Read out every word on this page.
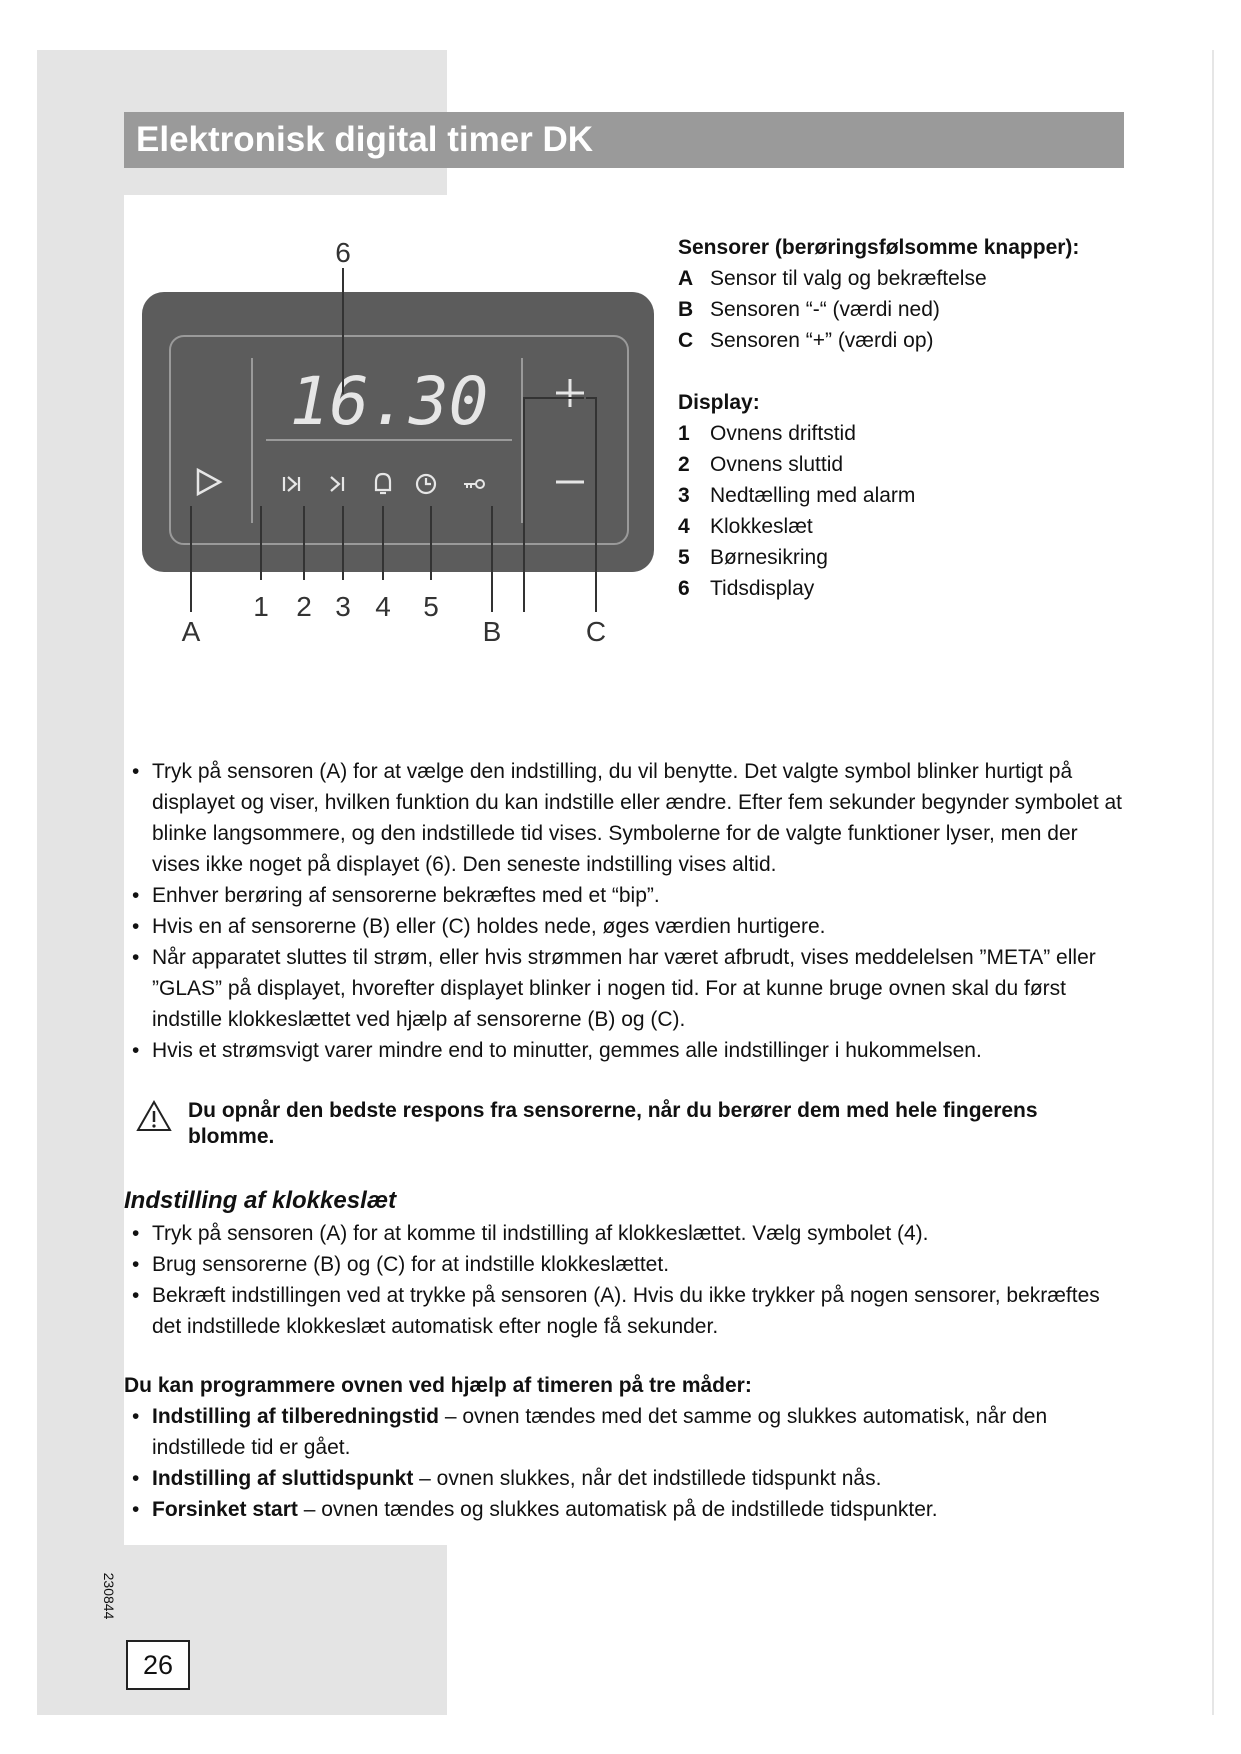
Elektronisk digital timer DK
16.30
6
A
1 2 3 4 5
B	C
Sensorer (berøringsfølsomme knapper):
A Sensor til valg og bekræftelse
B Sensoren “-“ (værdi ned)
C Sensoren “+” (værdi op)
Display:
1 Ovnens driftstid
2 Ovnens sluttid
3 Nedtælling med alarm
4 Klokkeslæt
5 Børnesikring
6 Tidsdisplay
• Tryk på sensoren (A) for at vælge den indstilling, du vil benytte. Det valgte symbol blinker hurtigt på displayet og viser, hvilken funktion du kan indstille eller ændre. Efter fem sekunder begynder symbolet at blinke langsommere, og den indstillede tid vises. Symbolerne for de valgte funktioner lyser, men der vises ikke noget på displayet (6). Den seneste indstilling vises altid.
• Enhver berøring af sensorerne bekræftes med et “bip”.
• Hvis en af sensorerne (B) eller (C) holdes nede, øges værdien hurtigere.
• Når apparatet sluttes til strøm, eller hvis strømmen har været afbrudt, vises meddelelsen ”META” eller ”GLAS” på displayet, hvorefter displayet blinker i nogen tid. For at kunne bruge ovnen skal du først indstille klokkeslættet ved hjælp af sensorerne (B) og (C).
• Hvis et strømsvigt varer mindre end to minutter, gemmes alle indstillinger i hukommelsen.
Du opnår den bedste respons fra sensorerne, når du berører dem med hele fingerens blomme.
Indstilling af klokkeslæt
• Tryk på sensoren (A) for at komme til indstilling af klokkeslættet. Vælg symbolet (4).
• Brug sensorerne (B) og (C) for at indstille klokkeslættet.
• Bekræft indstillingen ved at trykke på sensoren (A). Hvis du ikke trykker på nogen sensorer, bekræftes det indstillede klokkeslæt automatisk efter nogle få sekunder.
Du kan programmere ovnen ved hjælp af timeren på tre måder:
• Indstilling af tilberedningstid – ovnen tændes med det samme og slukkes automatisk, når den indstillede tid er gået.
• Indstilling af sluttidspunkt – ovnen slukkes, når det indstillede tidspunkt nås.
• Forsinket start – ovnen tændes og slukkes automatisk på de indstillede tidspunkter.
230844
26
